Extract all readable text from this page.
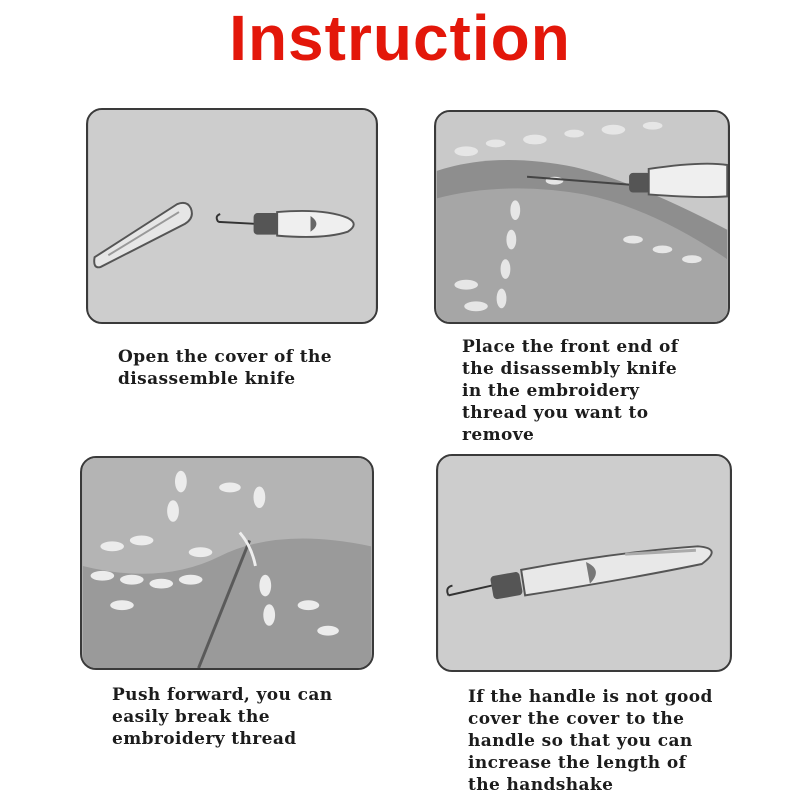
Instruction
Open the cover of the
disassemble knife
Place the front end of
the disassembly knife
in the embroidery
thread you want to
remove
Push forward, you can
easily break the
embroidery thread
If the handle is not good
cover the cover to the
handle so that you can
increase the length of
the handshake
